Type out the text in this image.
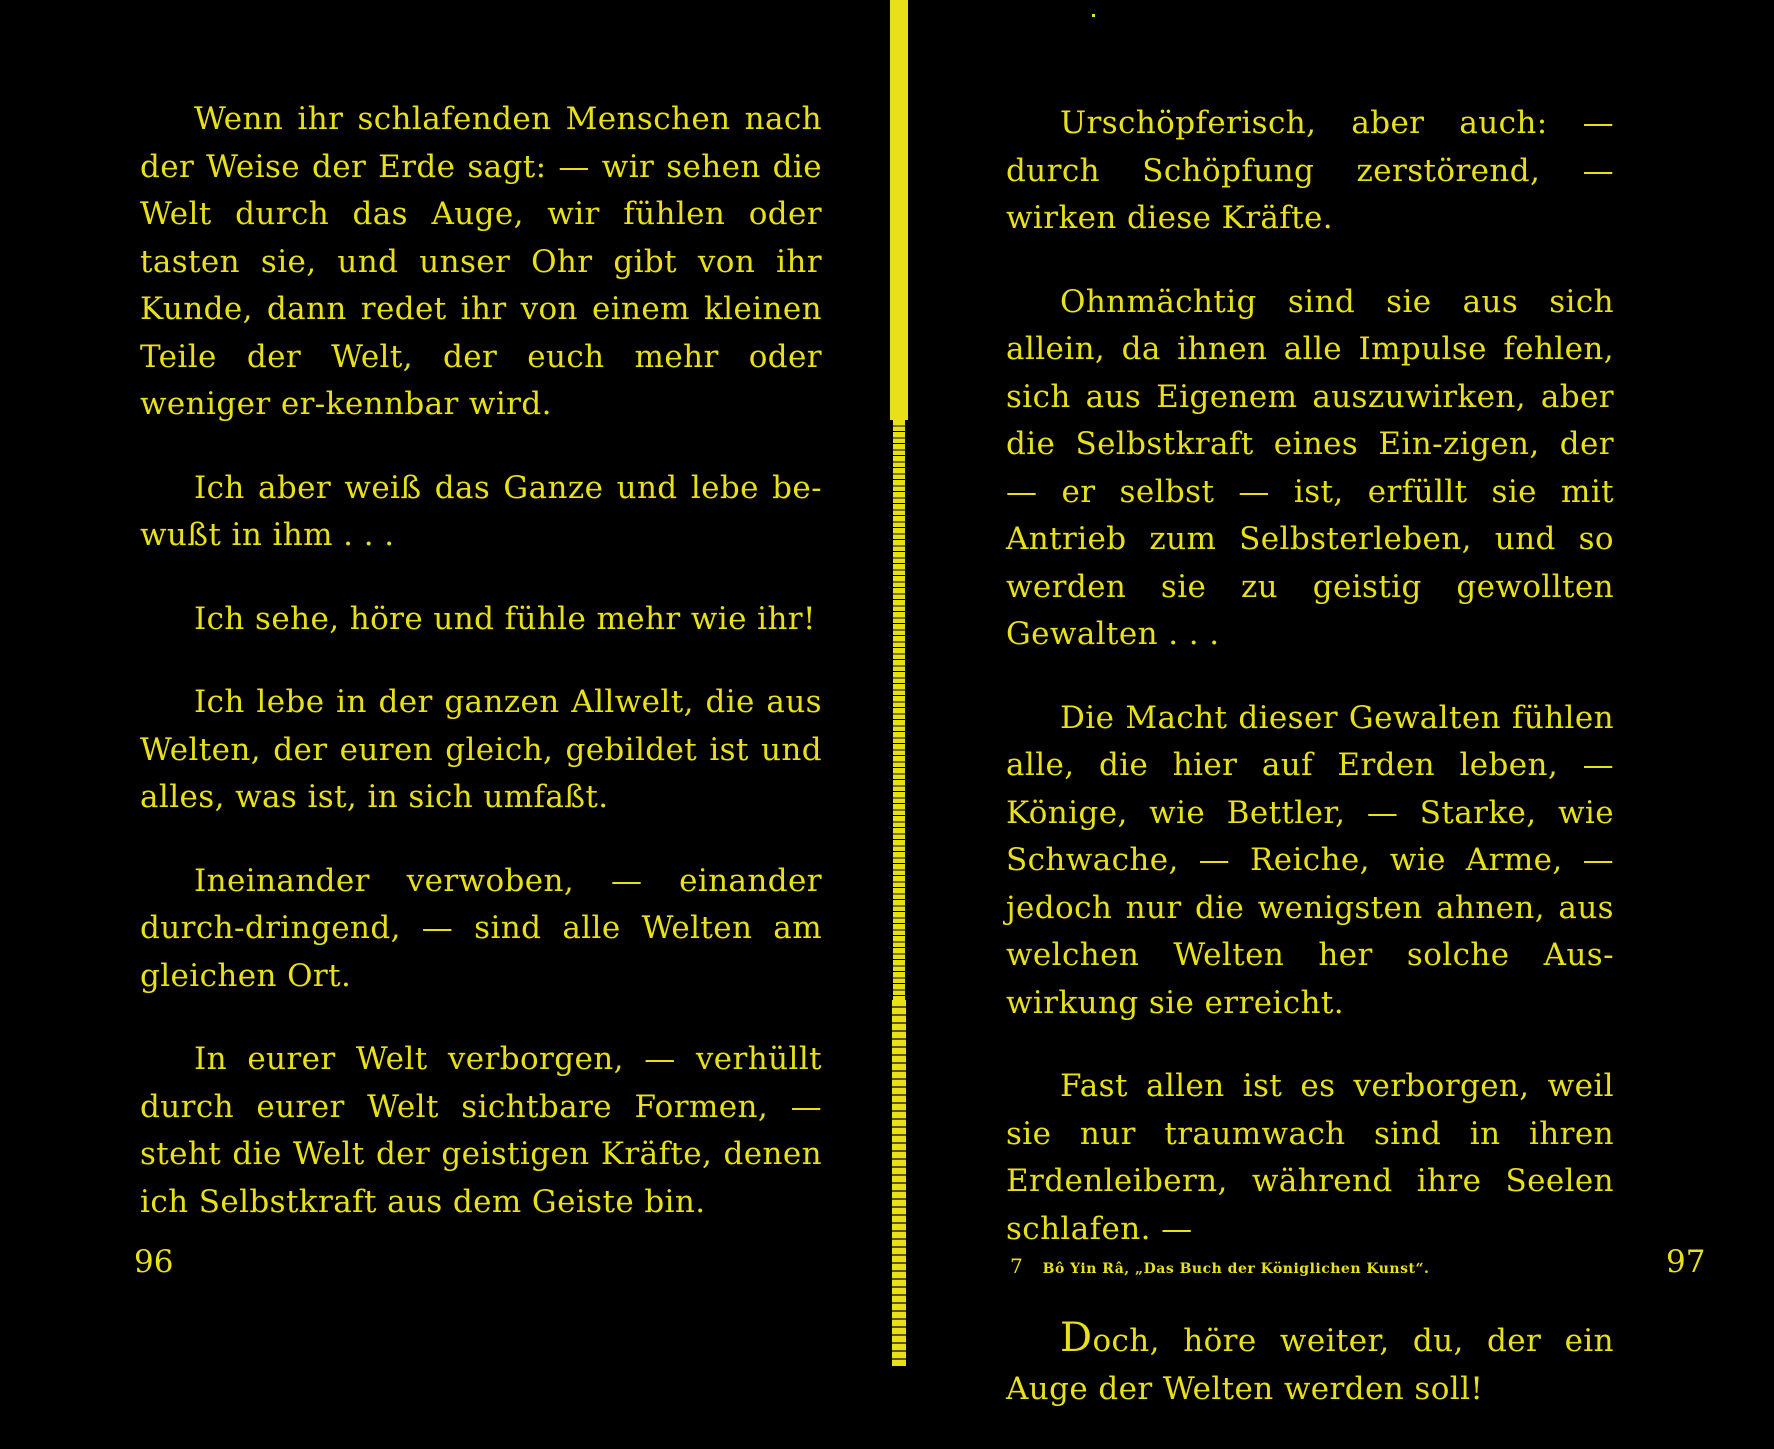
Wenn ihr schlafenden Menschen nach der Weise der Erde sagt: — wir sehen die Welt durch das Auge, wir fühlen oder tasten sie, und unser Ohr gibt von ihr Kunde, dann redet ihr von einem kleinen Teile der Welt, der euch mehr oder weniger er-kennbar wird.

Ich aber weiß das Ganze und lebe be-wußt in ihm . . .

Ich sehe, höre und fühle mehr wie ihr!

Ich lebe in der ganzen Allwelt, die aus Welten, der euren gleich, gebildet ist und alles, was ist, in sich umfaßt.

Ineinander verwoben, — einander durch-dringend, — sind alle Welten am gleichen Ort.

In eurer Welt verborgen, — verhüllt durch eurer Welt sichtbare Formen, — steht die Welt der geistigen Kräfte, denen ich Selbstkraft aus dem Geiste bin.

96

Urschöpferisch, aber auch: — durch Schöpfung zerstörend, — wirken diese Kräfte.

Ohnmächtig sind sie aus sich allein, da ihnen alle Impulse fehlen, sich aus Eigenem auszuwirken, aber die Selbstkraft eines Ein-zigen, der — er selbst — ist, erfüllt sie mit Antrieb zum Selbsterleben, und so werden sie zu geistig gewollten Gewalten . . .

Die Macht dieser Gewalten fühlen alle, die hier auf Erden leben, — Könige, wie Bettler, — Starke, wie Schwache, — Reiche, wie Arme, — jedoch nur die wenigsten ahnen, aus welchen Welten her solche Aus-wirkung sie erreicht.

Fast allen ist es verborgen, weil sie nur traumwach sind in ihren Erdenleibern, während ihre Seelen schlafen. —

Doch, höre weiter, du, der ein Auge der Welten werden soll!

7 Bô Yin Râ, „Das Buch der Königlichen Kunst“.	97
